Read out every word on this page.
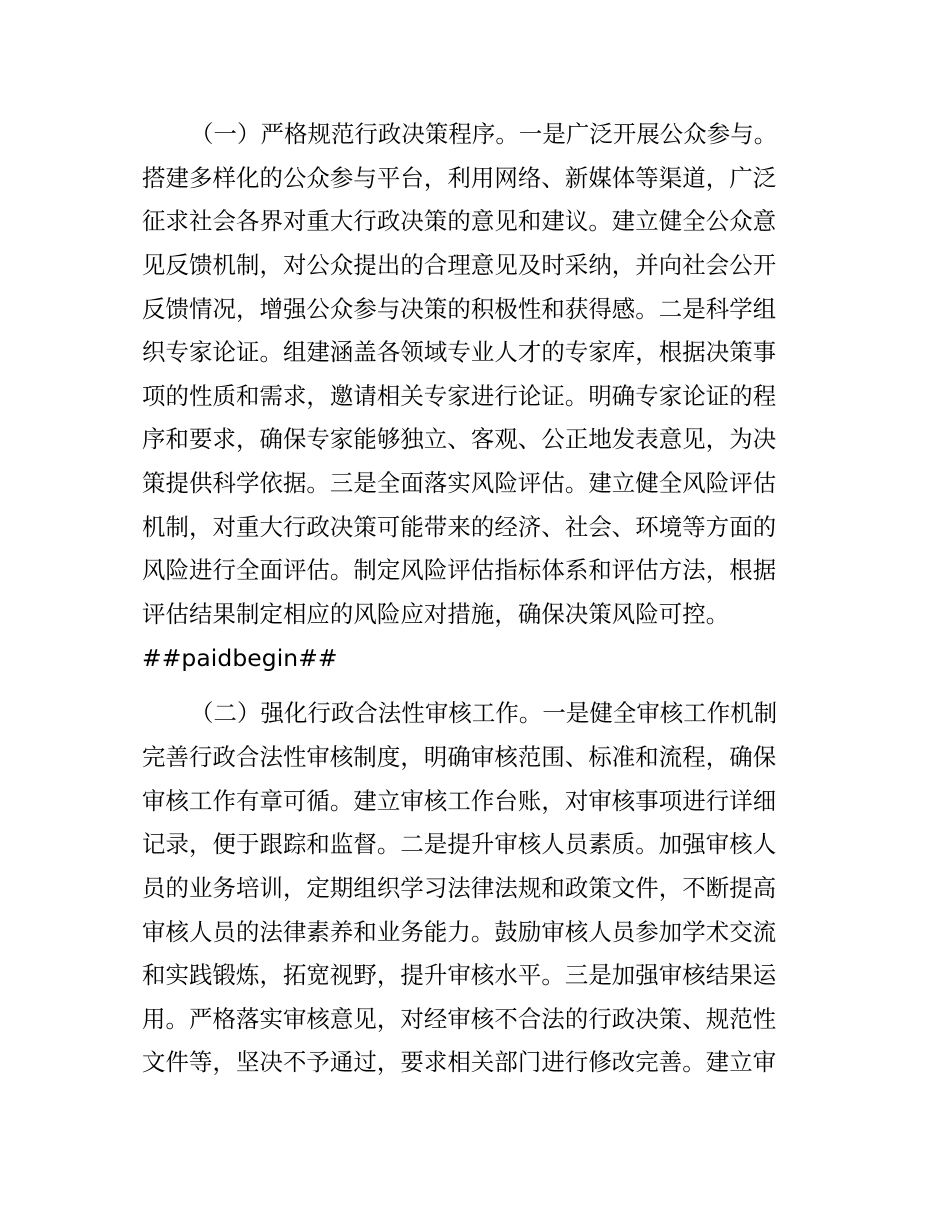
（一）严格规范行政决策程序。一是广泛开展公众参与。
搭建多样化的公众参与平台，利用网络、新媒体等渠道，广泛
征求社会各界对重大行政决策的意见和建议。建立健全公众意
见反馈机制，对公众提出的合理意见及时采纳，并向社会公开
反馈情况，增强公众参与决策的积极性和获得感。二是科学组
织专家论证。组建涵盖各领域专业人才的专家库，根据决策事
项的性质和需求，邀请相关专家进行论证。明确专家论证的程
序和要求，确保专家能够独立、客观、公正地发表意见，为决
策提供科学依据。三是全面落实风险评估。建立健全风险评估
机制，对重大行政决策可能带来的经济、社会、环境等方面的
风险进行全面评估。制定风险评估指标体系和评估方法，根据
评估结果制定相应的风险应对措施，确保决策风险可控。
##paidbegin##
（二）强化行政合法性审核工作。一是健全审核工作机制
完善行政合法性审核制度，明确审核范围、标准和流程，确保
审核工作有章可循。建立审核工作台账，对审核事项进行详细
记录，便于跟踪和监督。二是提升审核人员素质。加强审核人
员的业务培训，定期组织学习法律法规和政策文件，不断提高
审核人员的法律素养和业务能力。鼓励审核人员参加学术交流
和实践锻炼，拓宽视野，提升审核水平。三是加强审核结果运
用。严格落实审核意见，对经审核不合法的行政决策、规范性
文件等，坚决不予通过，要求相关部门进行修改完善。建立审
